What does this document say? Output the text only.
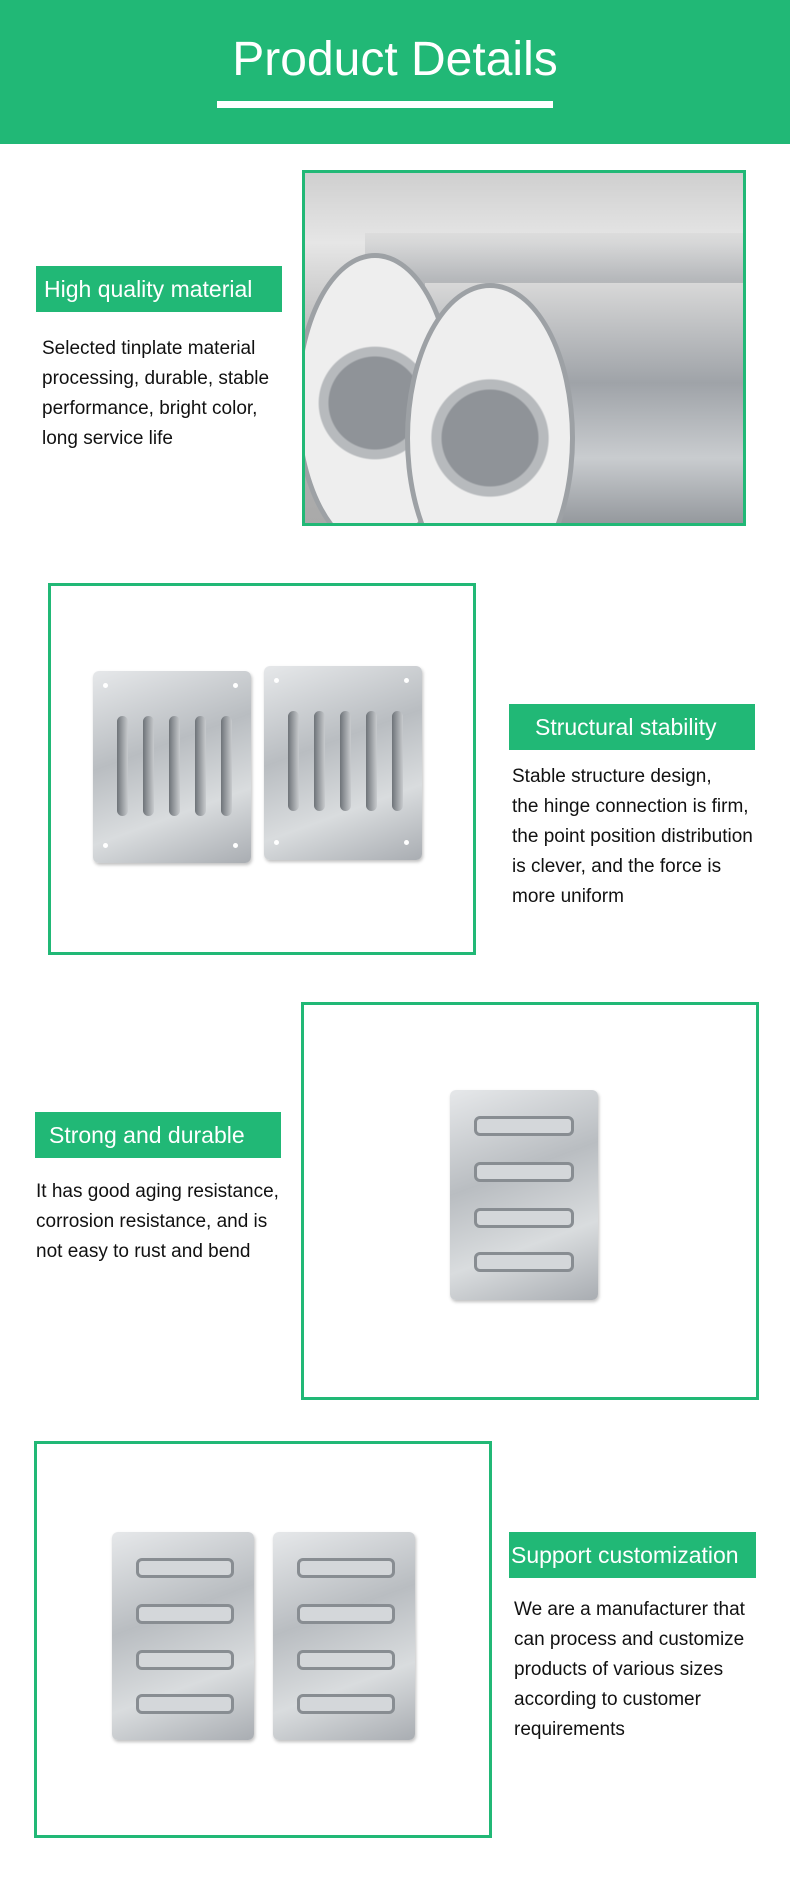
Product Details
High quality material
Selected tinplate material
processing, durable, stable
performance, bright color,
long service life
Structural stability
Stable structure design,
the hinge connection is firm,
the point position distribution
is clever, and the force is
more uniform
Strong and durable
It has good aging resistance,
corrosion resistance, and is
not easy to rust and bend
Support customization
We are a manufacturer that
can process and customize
products of various sizes
according to customer
requirements
